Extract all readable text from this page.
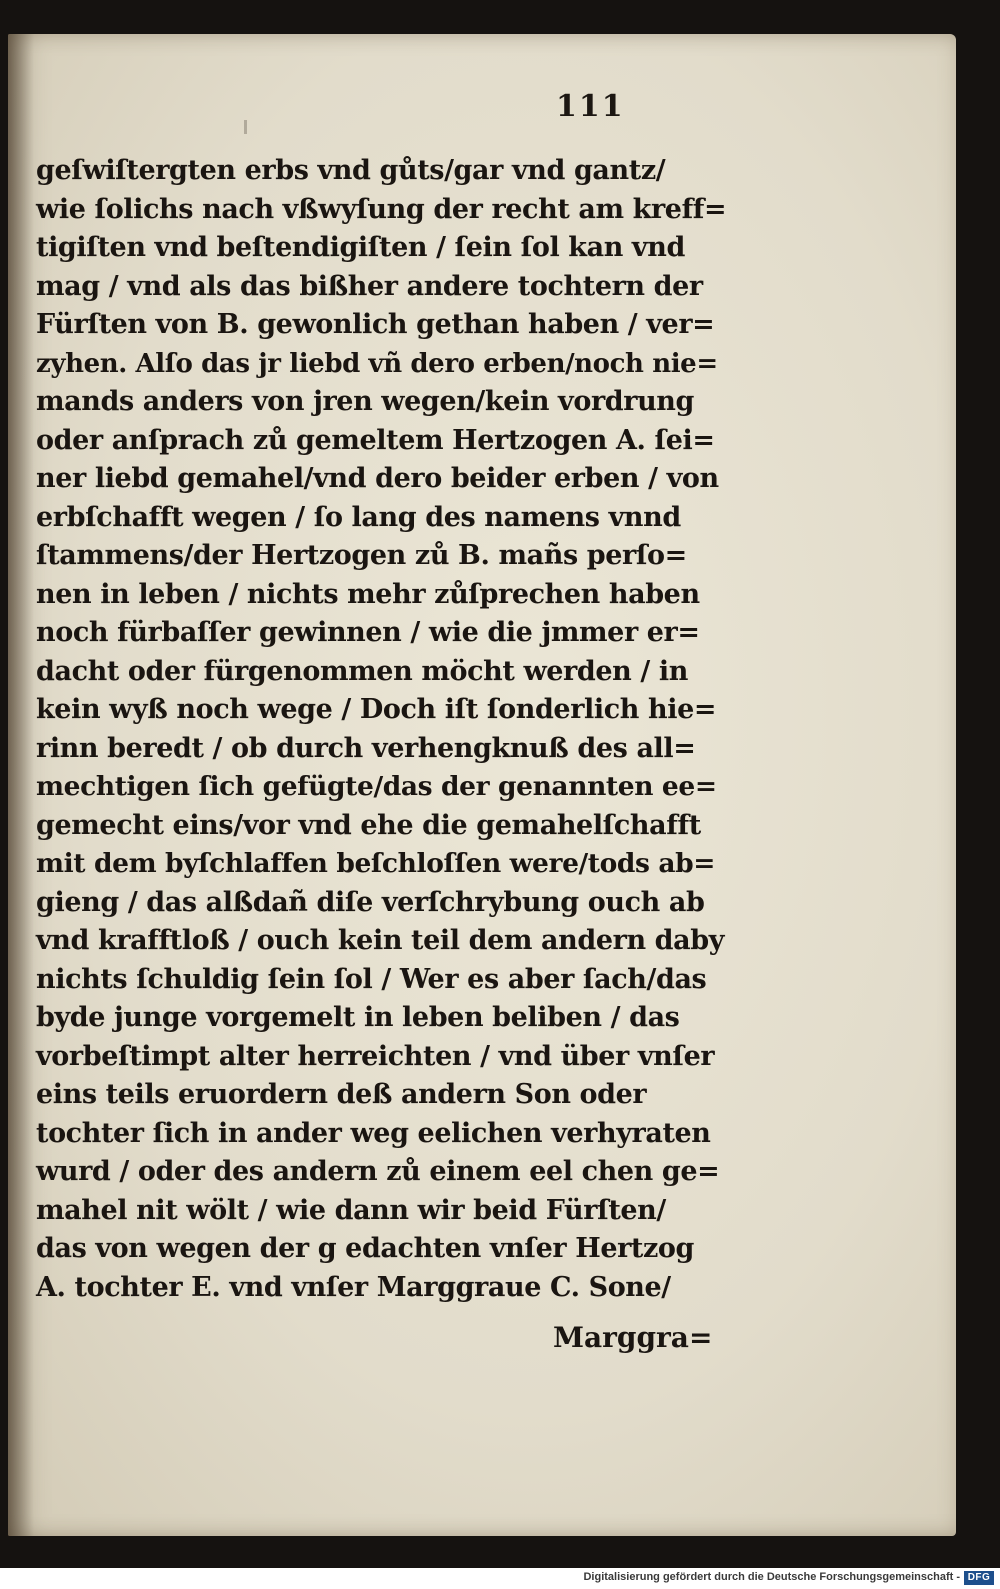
111
geſwiſtergten erbs vnd gůts/gar vnd gantz/
wie ſolichs nach vßwyſung der recht am kreff=
tigiſten vnd beſtendigiſten / ſein ſol kan vnd
mag / vnd als das bißher andere tochtern der
Fürſten von B. gewonlich gethan haben / ver=
zyhen. Alſo das jr liebd vñ dero erben/noch nie=
mands anders von jren wegen/kein vordrung
oder anſprach zů gemeltem Hertzogen A. ſei=
ner liebd gemahel/vnd dero beider erben / von
erbſchafft wegen / ſo lang des namens vnnd
ſtammens/der Hertzogen zů B. mañs perſo=
nen in leben / nichts mehr zůſprechen haben
noch fürbaſſer gewinnen / wie die jmmer er=
dacht oder fürgenommen möcht werden / in
kein wyß noch wege / Doch iſt ſonderlich hie=
rinn beredt / ob durch verhengknuß des all=
mechtigen ſich gefügte/das der genannten ee=
gemecht eins/vor vnd ehe die gemahelſchafft
mit dem byſchlaffen beſchloſſen were/tods ab=
gieng / das alßdañ diſe verſchrybung ouch ab
vnd krafftloß / ouch kein teil dem andern daby
nichts ſchuldig ſein ſol / Wer es aber ſach/das
byde junge vorgemelt in leben beliben / das
vorbeſtimpt alter herreichten / vnd über vnſer
eins teils eruordern deß andern Son oder
tochter ſich in ander weg eelichen verhyraten
wurd / oder des andern zů einem eel chen ge=
mahel nit wölt / wie dann wir beid Fürſten/
das von wegen der g edachten vnſer Hertzog
A. tochter E. vnd vnſer Marggraue C. Sone/
Marggra=
Digitalisierung gefördert durch die Deutsche Forschungsgemeinschaft - DFG
